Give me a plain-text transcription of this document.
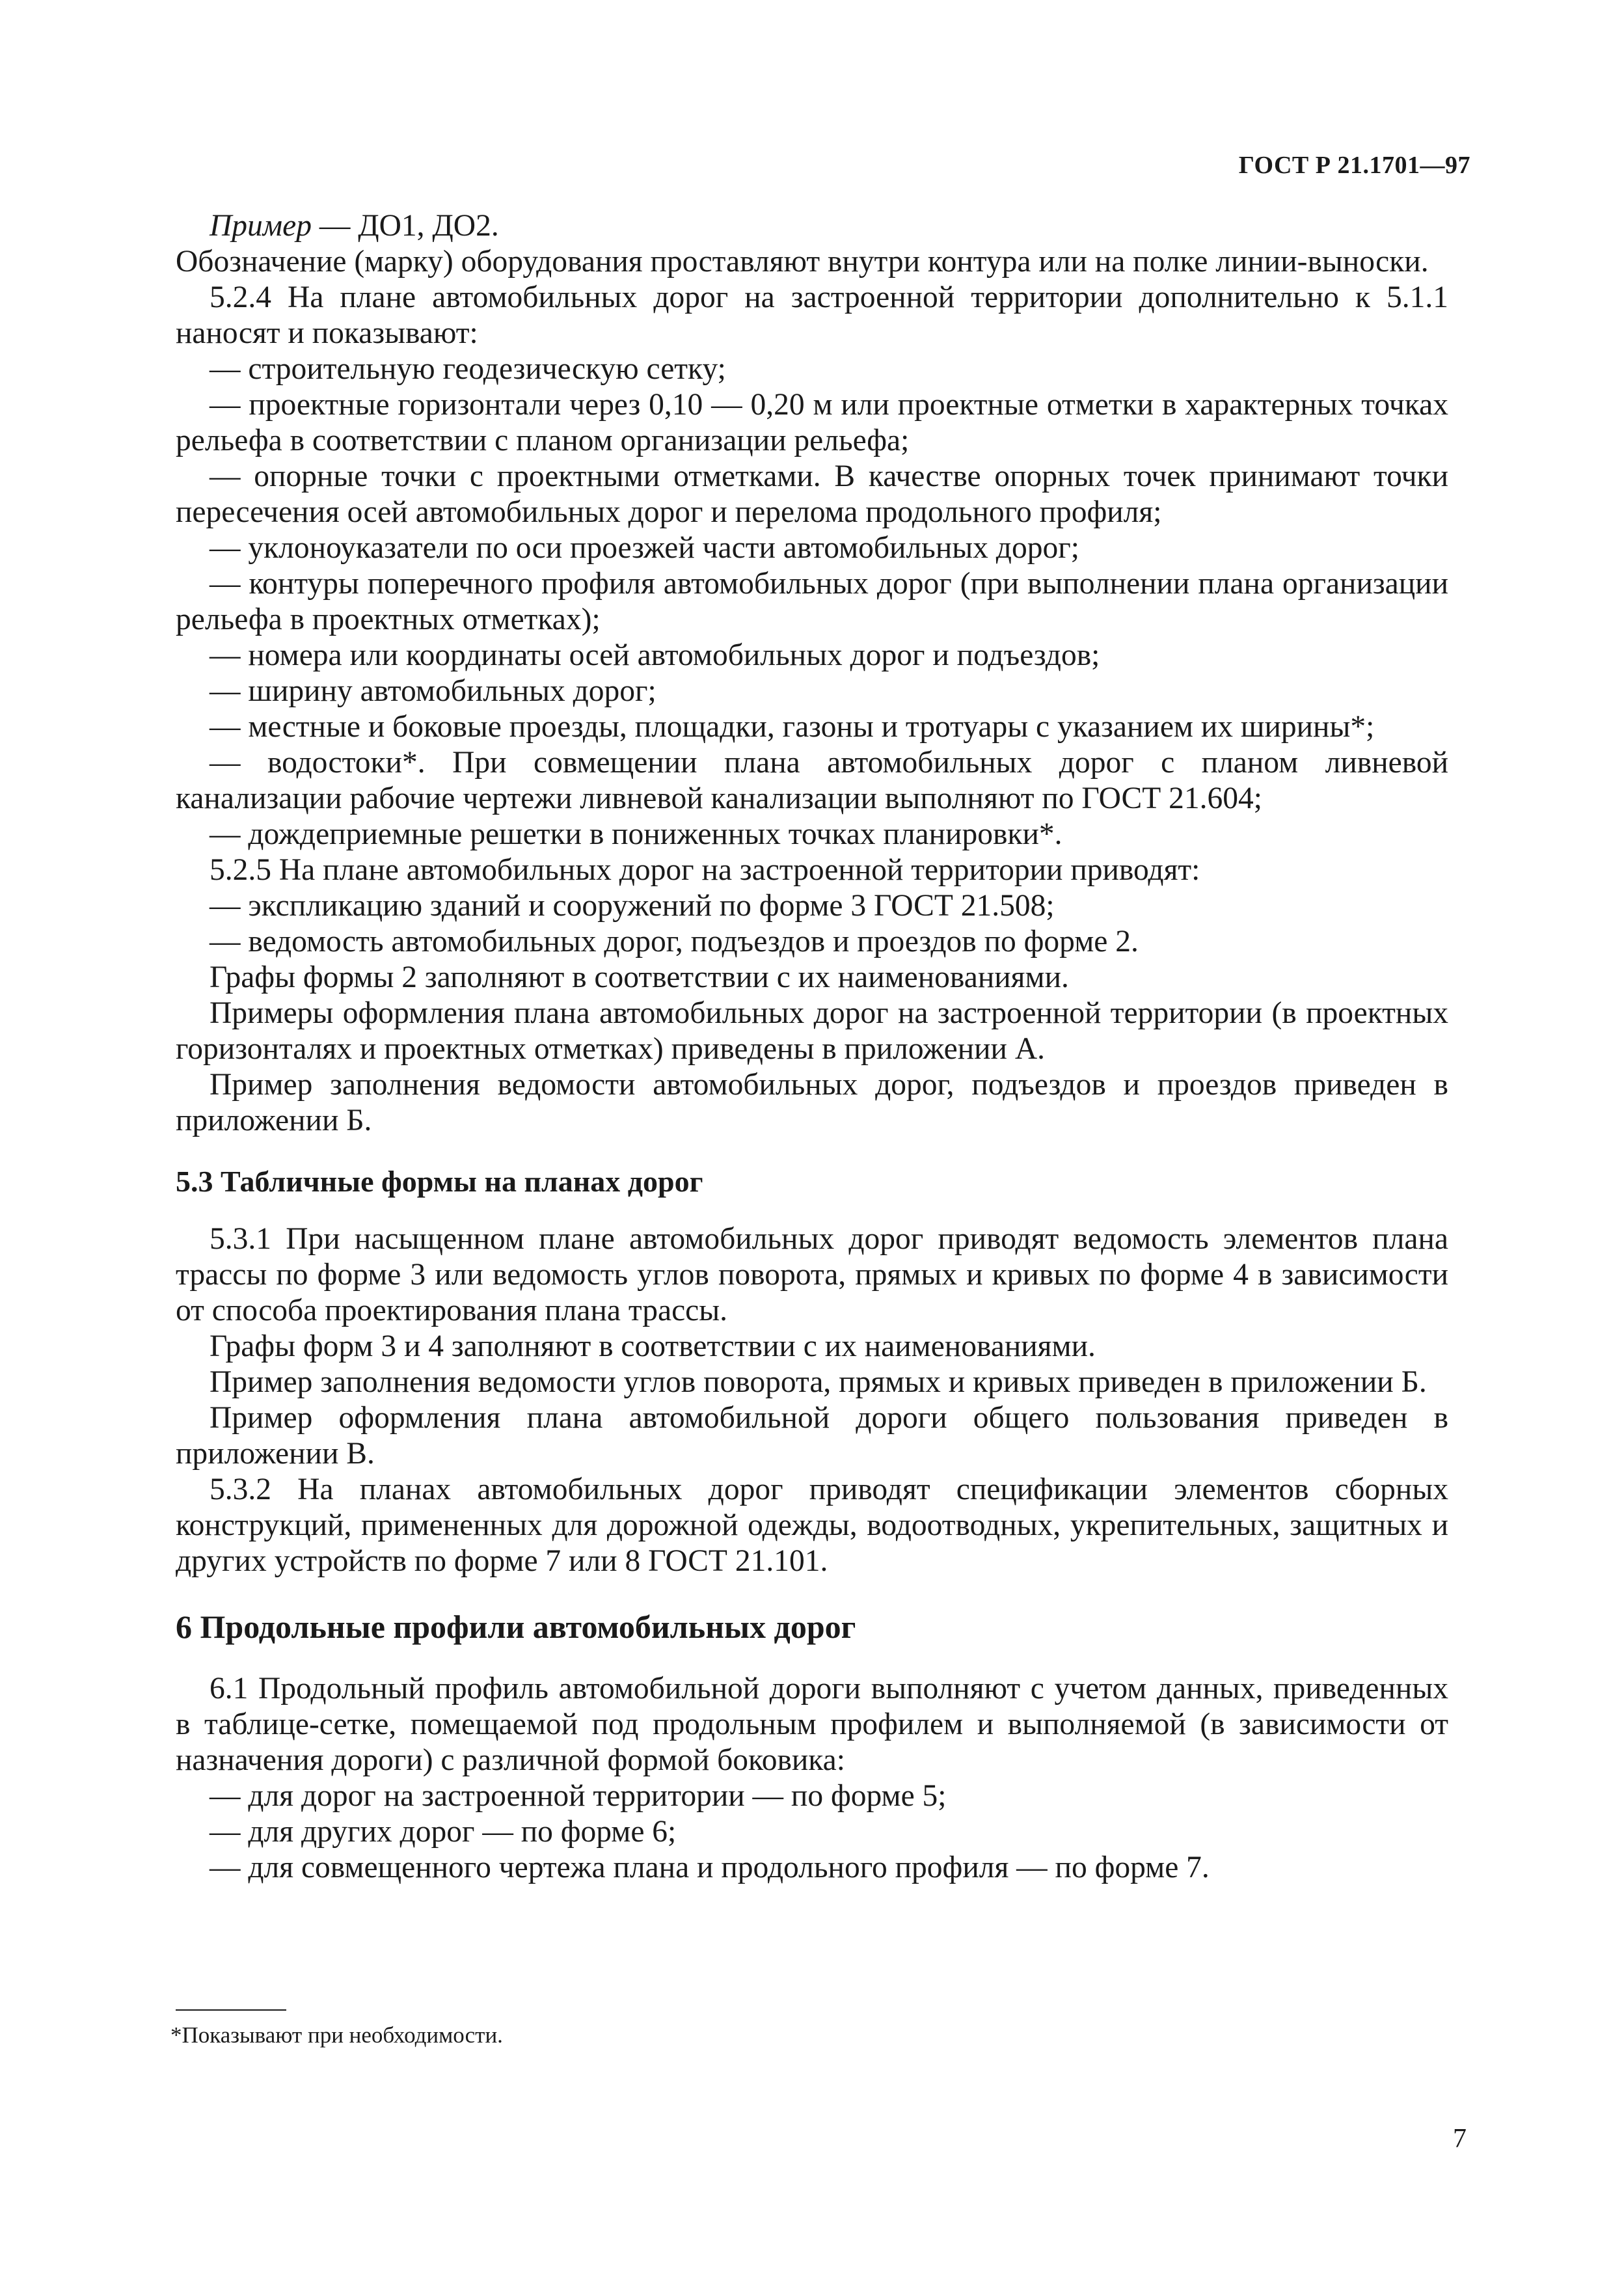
ГОСТ Р 21.1701—97

Пример — ДО1, ДО2.

Обозначение (марку) оборудования проставляют внутри контура или на полке линии-выноски.

5.2.4 На плане автомобильных дорог на застроенной территории дополнительно к 5.1.1 наносят и показывают:

— строительную геодезическую сетку;

— проектные горизонтали через 0,10 — 0,20 м или проектные отметки в характерных точках рельефа в соответствии с планом организации рельефа;

— опорные точки с проектными отметками. В качестве опорных точек принимают точки пересечения осей автомобильных дорог и перелома продольного профиля;

— уклоноуказатели по оси проезжей части автомобильных дорог;

— контуры поперечного профиля автомобильных дорог (при выполнении плана организации рельефа в проектных отметках);

— номера или координаты осей автомобильных дорог и подъездов;

— ширину автомобильных дорог;

— местные и боковые проезды, площадки, газоны и тротуары с указанием их ширины*;

— водостоки*. При совмещении плана автомобильных дорог с планом ливневой канализации рабочие чертежи ливневой канализации выполняют по ГОСТ 21.604;

— дождеприемные решетки в пониженных точках планировки*.

5.2.5 На плане автомобильных дорог на застроенной территории приводят:

— экспликацию зданий и сооружений по форме 3 ГОСТ 21.508;

— ведомость автомобильных дорог, подъездов и проездов по форме 2.

Графы формы 2 заполняют в соответствии с их наименованиями.

Примеры оформления плана автомобильных дорог на застроенной территории (в проектных горизонталях и проектных отметках) приведены в приложении А.

Пример заполнения ведомости автомобильных дорог, подъездов и проездов приведен в приложении Б.

5.3 Табличные формы на планах дорог

5.3.1 При насыщенном плане автомобильных дорог приводят ведомость элементов плана трассы по форме 3 или ведомость углов поворота, прямых и кривых по форме 4 в зависимости от способа проектирования плана трассы.

Графы форм 3 и 4 заполняют в соответствии с их наименованиями.

Пример заполнения ведомости углов поворота, прямых и кривых приведен в приложении Б.

Пример оформления плана автомобильной дороги общего пользования приведен в приложении В.

5.3.2 На планах автомобильных дорог приводят спецификации элементов сборных конструкций, примененных для дорожной одежды, водоотводных, укрепительных, защитных и других устройств по форме 7 или 8 ГОСТ 21.101.

6 Продольные профили автомобильных дорог

6.1 Продольный профиль автомобильной дороги выполняют с учетом данных, приведенных в таблице-сетке, помещаемой под продольным профилем и выполняемой (в зависимости от назначения дороги) с различной формой боковика:

— для дорог на застроенной территории — по форме 5;

— для других дорог — по форме 6;

— для совмещенного чертежа плана и продольного профиля — по форме 7.

*Показывают при необходимости.
7
